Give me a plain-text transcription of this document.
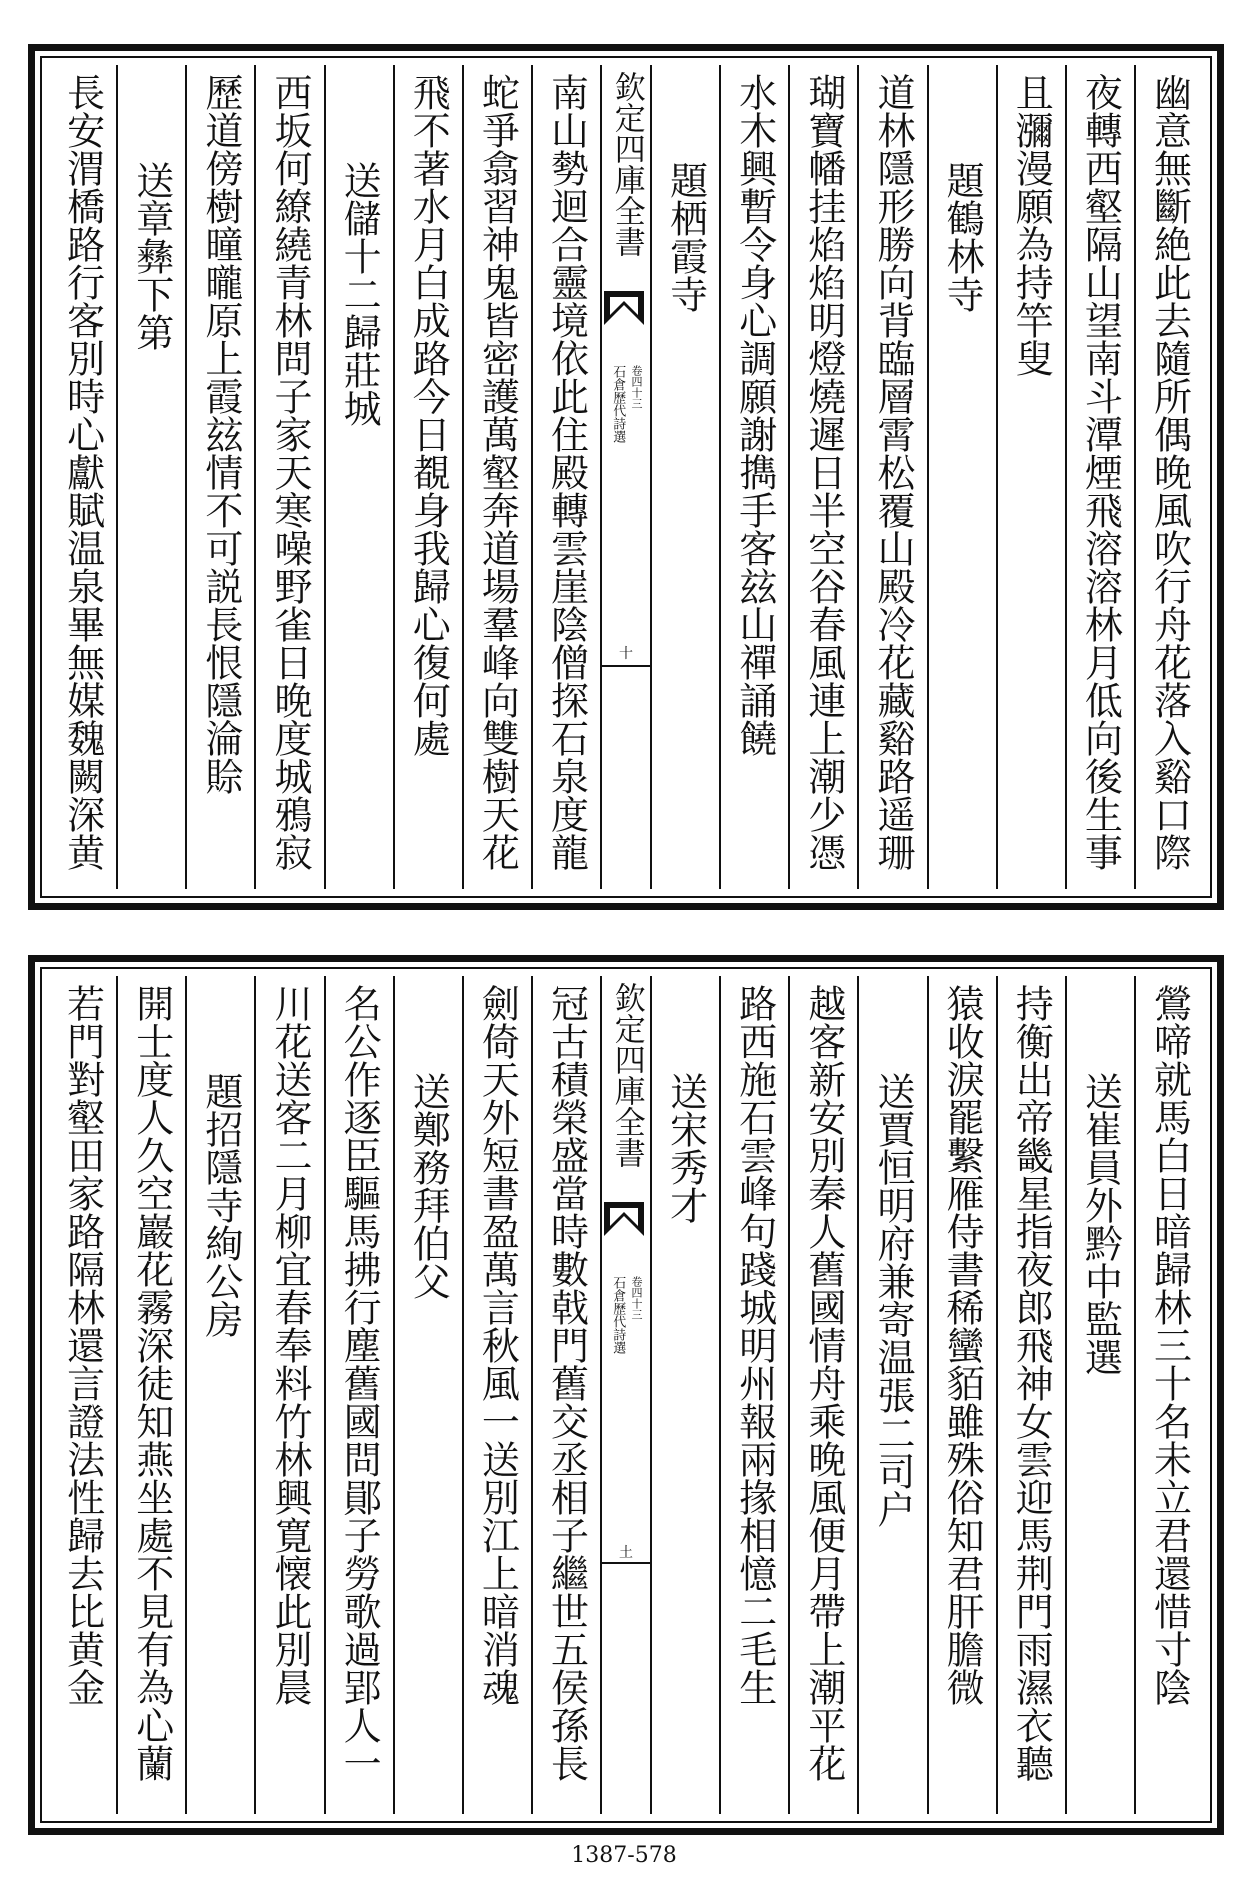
幽意無斷絶此去隨所偶晚風吹行舟花落入谿口際
夜轉西壑隔山望南斗潭煙飛溶溶林月低向後生事
且瀰漫願為持竿叟
題鶴林寺
道林隱形勝向背臨層霄松覆山殿冷花藏谿路遥珊
瑚寶幡挂焰焰明燈燒遲日半空谷春風連上潮少憑
水木興暫令身心調願謝擕手客玆山禪誦饒
題栖霞寺
欽定四庫全書
石倉歷代詩選 卷四十三
十
南山勢迴合靈境依此住殿轉雲崖陰僧探石泉度龍
蛇爭翕習神鬼皆密護萬壑奔道場羣峰向雙樹天花
飛不著水月白成路今日覩身我歸心復何處
送儲十二歸莊城
西坂何繚繞青林問子家天寒噪野雀日晚度城鴉寂
歷道傍樹曈曨原上霞玆情不可説長恨隱淪賒
送章彝下第
長安渭橋路行客別時心獻賦温泉畢無媒魏闕深黄
鶯啼就馬白日暗歸林三十名未立君還惜寸陰
送崔員外黔中監選
持衡出帝畿星指夜郎飛神女雲迎馬荆門雨濕衣聽
猿收淚罷繫雁侍書稀蠻貊雖殊俗知君肝膽微
送賈恒明府兼寄温張二司户
越客新安別秦人舊國情舟乘晚風便月帶上潮平花
路西施石雲峰句踐城明州報兩掾相憶二毛生
送宋秀才
欽定四庫全書
石倉歷代詩選 卷四十三
土
冠古積榮盛當時數戟門舊交丞相子繼世五侯孫長
劍倚天外短書盈萬言秋風一送別江上暗消魂
送鄭務拜伯父
名公作逐臣驅馬拂行塵舊國問鄖子勞歌過郢人一
川花送客二月柳宜春奉料竹林興寛懐此別晨
題招隱寺絢公房
開士度人久空巖花霧深徒知燕坐處不見有為心蘭
若門對壑田家路隔林還言證法性歸去比黄金
1387-578
